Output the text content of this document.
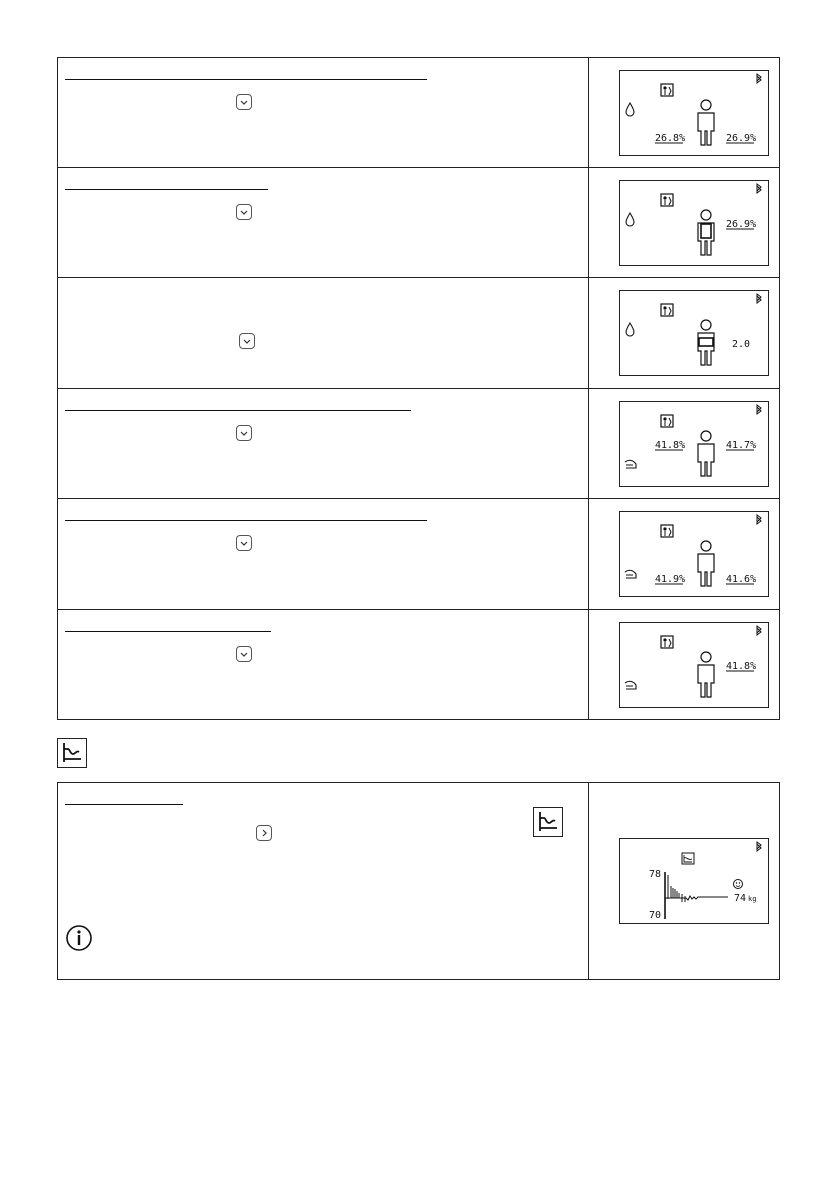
26.8%	26.9%
26.9%
2.0
41.8%	41.7%
41.9%	41.6%
41.8%
78
70
74 kg
